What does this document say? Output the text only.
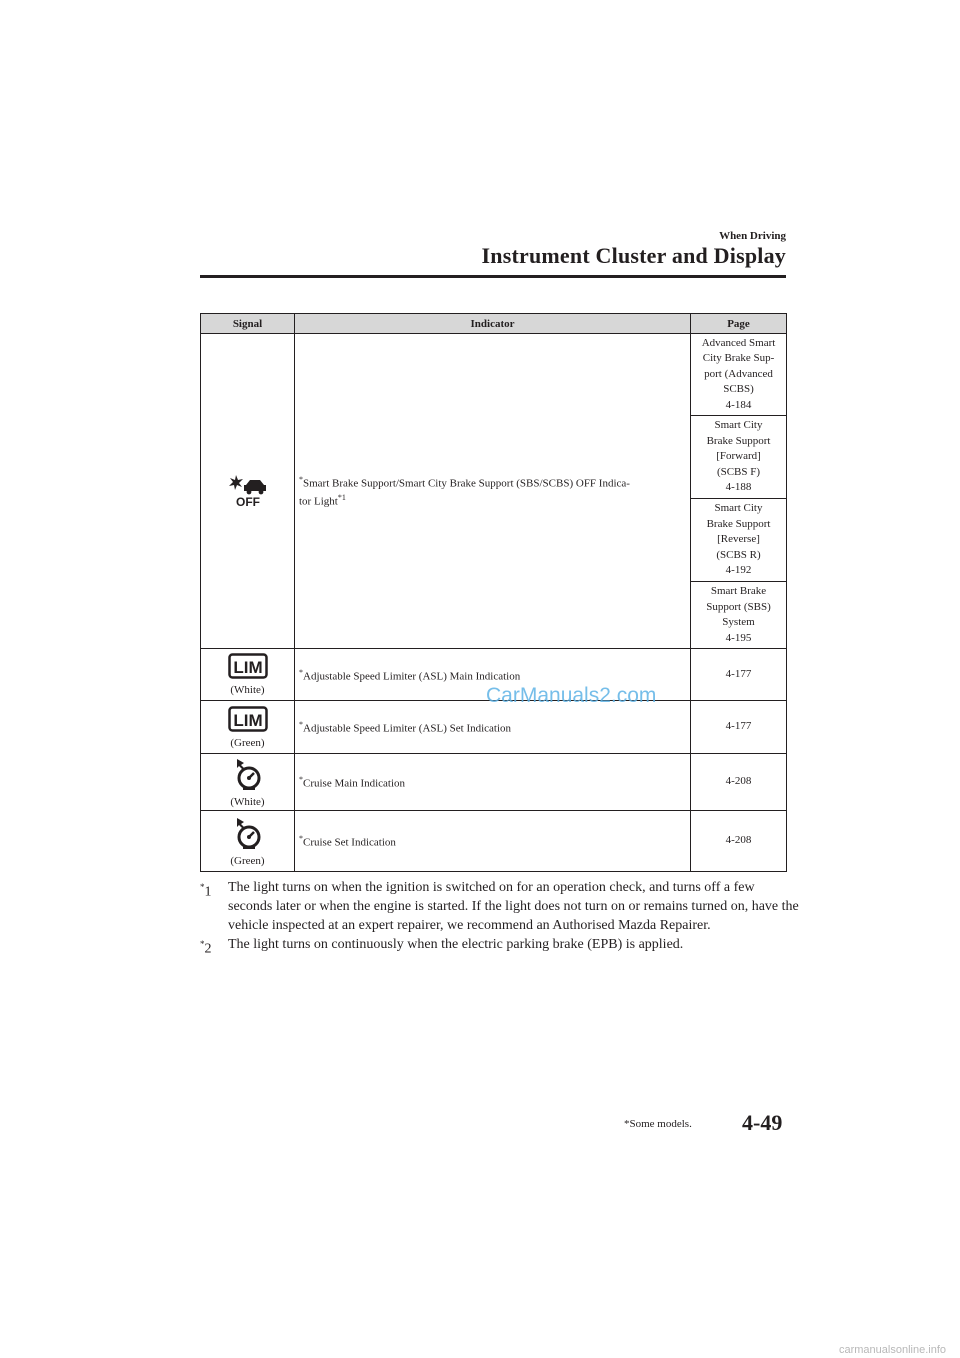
When Driving
Instrument Cluster and Display
Signal	Indicator	Page

OFF	*Smart Brake Support/Smart City Brake Support (SBS/SCBS) OFF Indica-
tor Light$^{*1}$	Advanced Smart
City Brake Sup-
port (Advanced
SCBS)
4-184
		Smart City
Brake Support
[Forward]
(SCBS F)
4-188
		Smart City
Brake Support
[Reverse]
(SCBS R)
4-192
		Smart Brake
Support (SBS)
System
4-195

LIM
(White)	*Adjustable Speed Limiter (ASL) Main Indication	4-177

LIM
(Green)	*Adjustable Speed Limiter (ASL) Set Indication	4-177

(White)	*Cruise Main Indication	4-208

(Green)	*Cruise Set Indication	4-208
CarManuals2.com
*1 The light turns on when the ignition is switched on for an operation check, and turns off a few seconds later or when the engine is started. If the light does not turn on or remains turned on, have the vehicle inspected at an expert repairer, we recommend an Authorised Mazda Repairer.
*2 The light turns on continuously when the electric parking brake (EPB) is applied.
*Some models. 4-49
carmanualsonline.info
